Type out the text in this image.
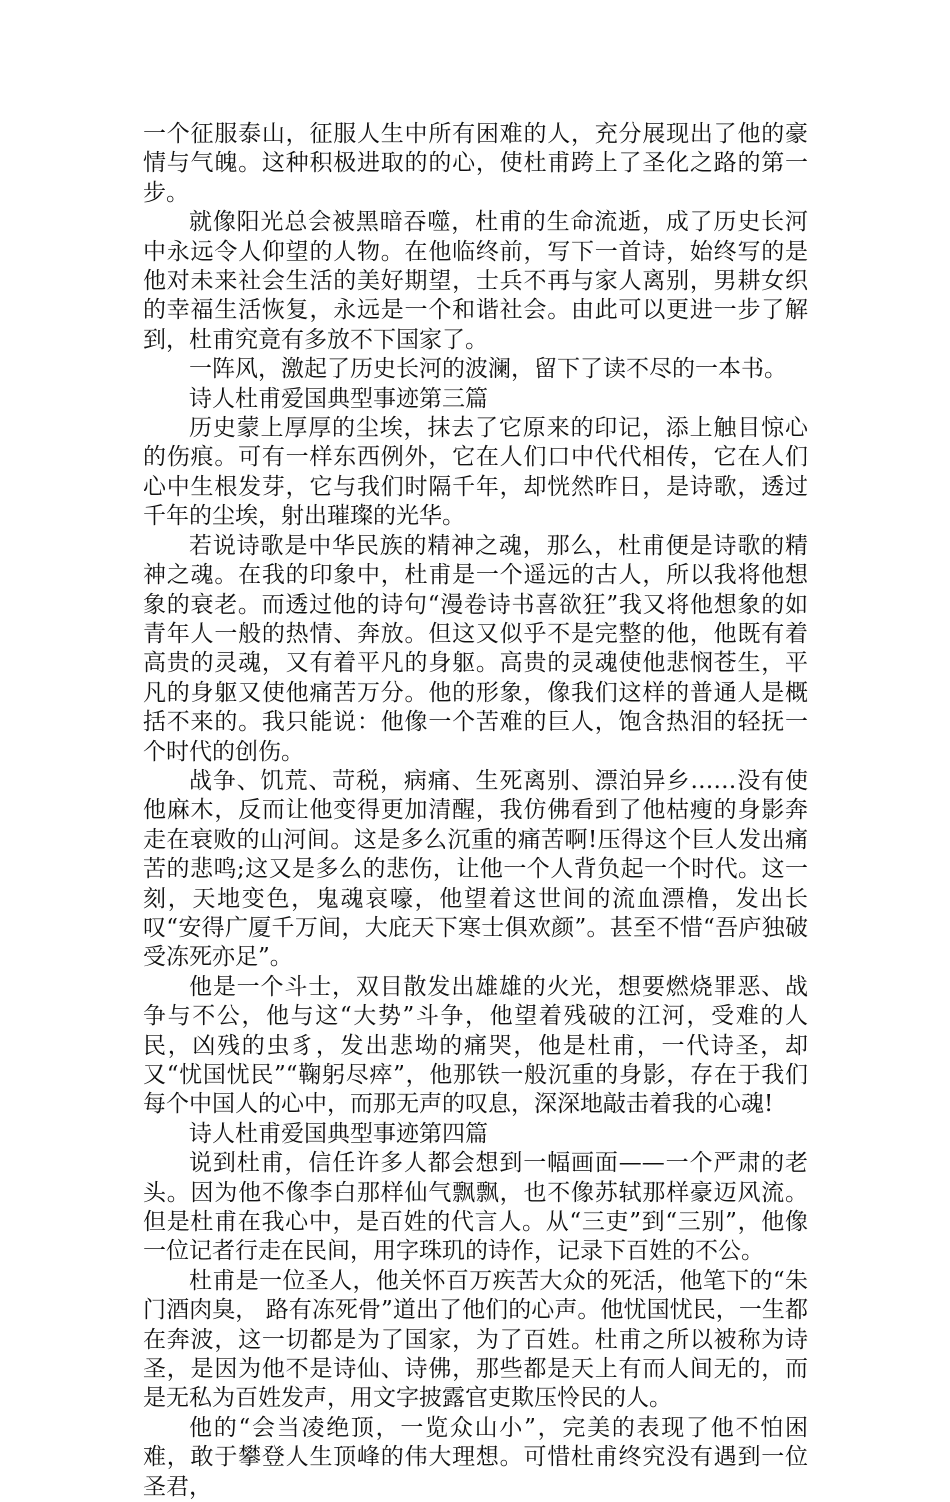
一个征服泰山，征服人生中所有困难的人，充分展现出了他的豪情与气魄。这种积极进取的的心，使杜甫跨上了圣化之路的第一步。

就像阳光总会被黑暗吞噬，杜甫的生命流逝，成了历史长河中永远令人仰望的人物。在他临终前，写下一首诗，始终写的是他对未来社会生活的美好期望，士兵不再与家人离别，男耕女织的幸福生活恢复，永远是一个和谐社会。由此可以更进一步了解到，杜甫究竟有多放不下国家了。

一阵风，激起了历史长河的波澜，留下了读不尽的一本书。

诗人杜甫爱国典型事迹第三篇

历史蒙上厚厚的尘埃，抹去了它原来的印记，添上触目惊心的伤痕。可有一样东西例外，它在人们口中代代相传，它在人们心中生根发芽，它与我们时隔千年，却恍然昨日，是诗歌，透过千年的尘埃，射出璀璨的光华。

若说诗歌是中华民族的精神之魂，那么，杜甫便是诗歌的精神之魂。在我的印象中，杜甫是一个遥远的古人，所以我将他想象的衰老。而透过他的诗句“漫卷诗书喜欲狂”我又将他想象的如青年人一般的热情、奔放。但这又似乎不是完整的他，他既有着高贵的灵魂，又有着平凡的身躯。高贵的灵魂使他悲悯苍生，平凡的身躯又使他痛苦万分。他的形象，像我们这样的普通人是概括不来的。我只能说：他像一个苦难的巨人，饱含热泪的轻抚一个时代的创伤。

战争、饥荒、苛税，病痛、生死离别、漂泊异乡……没有使他麻木，反而让他变得更加清醒，我仿佛看到了他枯瘦的身影奔走在衰败的山河间。这是多么沉重的痛苦啊!压得这个巨人发出痛苦的悲鸣;这又是多么的悲伤，让他一个人背负起一个时代。这一刻，天地变色，鬼魂哀嚎，他望着这世间的流血漂橹，发出长叹“安得广厦千万间，大庇天下寒士俱欢颜”。甚至不惜“吾庐独破受冻死亦足”。

他是一个斗士，双目散发出雄雄的火光，想要燃烧罪恶、战争与不公，他与这“大势”斗争，他望着残破的江河，受难的人民，凶残的虫豸，发出悲坳的痛哭，他是杜甫，一代诗圣，却又“忧国忧民”“鞠躬尽瘁”，他那铁一般沉重的身影，存在于我们每个中国人的心中，而那无声的叹息，深深地敲击着我的心魂!

诗人杜甫爱国典型事迹第四篇

说到杜甫，信任许多人都会想到一幅画面——一个严肃的老头。因为他不像李白那样仙气飘飘，也不像苏轼那样豪迈风流。但是杜甫在我心中，是百姓的代言人。从“三吏”到“三别”，他像一位记者行走在民间，用字珠玑的诗作，记录下百姓的不公。

杜甫是一位圣人，他关怀百万疾苦大众的死活，他笔下的“朱门酒肉臭， 路有冻死骨”道出了他们的心声。他忧国忧民，一生都在奔波，这一切都是为了国家，为了百姓。杜甫之所以被称为诗圣，是因为他不是诗仙、诗佛，那些都是天上有而人间无的，而是无私为百姓发声，用文字披露官吏欺压怜民的人。

他的“会当凌绝顶，一览众山小”，完美的表现了他不怕困难，敢于攀登人生顶峰的伟大理想。可惜杜甫终究没有遇到一位圣君，
